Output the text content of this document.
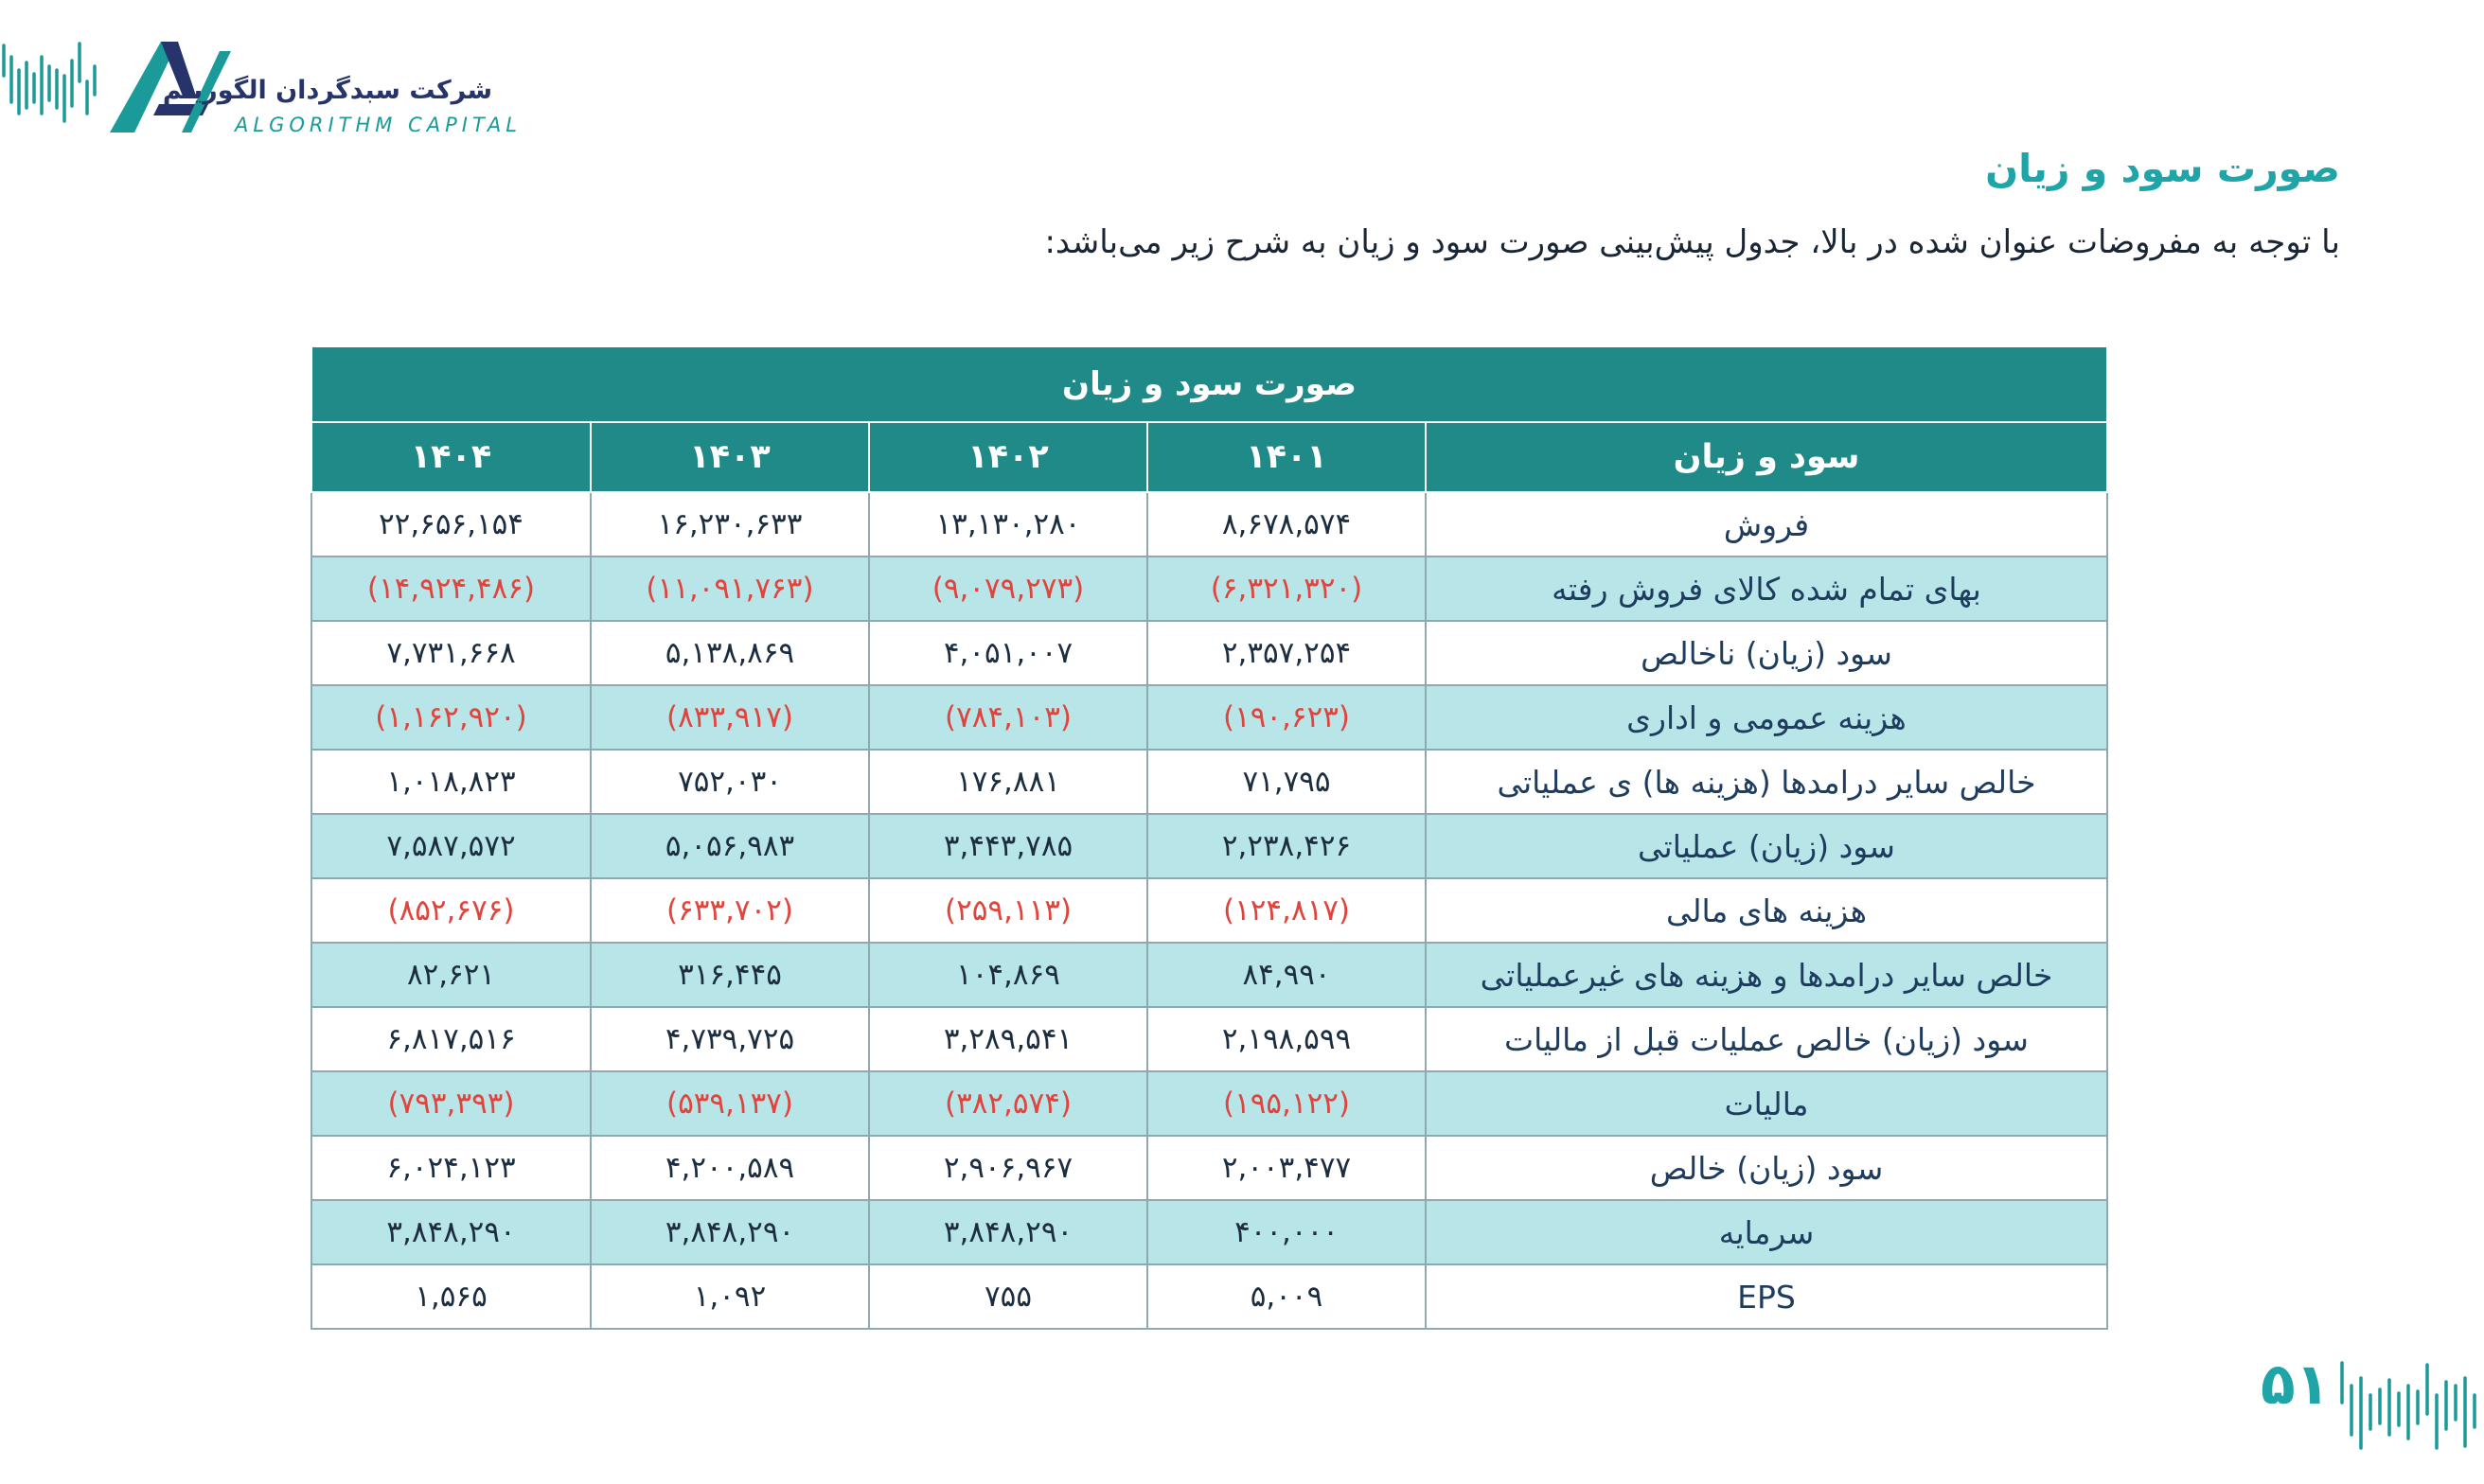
شرکت سبدگردان الگوریتم
ALGORITHM CAPITAL
صورت سود و زیان
با توجه به مفروضات عنوان شده در بالا، جدول پیش‌بینی صورت سود و زیان به شرح زیر می‌باشد:
صورت سود و زیان				
سود و زیان	۱۴۰۱	۱۴۰۲	۱۴۰۳	۱۴۰۴
فروش	۸,۶۷۸,۵۷۴	۱۳,۱۳۰,۲۸۰	۱۶,۲۳۰,۶۳۳	۲۲,۶۵۶,۱۵۴
بهای تمام شده کالای فروش رفته	(۶,۳۲۱,۳۲۰)	(۹,۰۷۹,۲۷۳)	(۱۱,۰۹۱,۷۶۳)	(۱۴,۹۲۴,۴۸۶)
سود (زیان) ناخالص	۲,۳۵۷,۲۵۴	۴,۰۵۱,۰۰۷	۵,۱۳۸,۸۶۹	۷,۷۳۱,۶۶۸
هزینه عمومی و اداری	(۱۹۰,۶۲۳)	(۷۸۴,۱۰۳)	(۸۳۳,۹۱۷)	(۱,۱۶۲,۹۲۰)
خالص سایر درامدها (هزینه ها) ی عملیاتی	۷۱,۷۹۵	۱۷۶,۸۸۱	۷۵۲,۰۳۰	۱,۰۱۸,۸۲۳
سود (زیان) عملیاتی	۲,۲۳۸,۴۲۶	۳,۴۴۳,۷۸۵	۵,۰۵۶,۹۸۳	۷,۵۸۷,۵۷۲
هزینه های مالی	(۱۲۴,۸۱۷)	(۲۵۹,۱۱۳)	(۶۳۳,۷۰۲)	(۸۵۲,۶۷۶)
خالص سایر درامدها و هزینه های غیرعملیاتی	۸۴,۹۹۰	۱۰۴,۸۶۹	۳۱۶,۴۴۵	۸۲,۶۲۱
سود (زیان) خالص عملیات قبل از مالیات	۲,۱۹۸,۵۹۹	۳,۲۸۹,۵۴۱	۴,۷۳۹,۷۲۵	۶,۸۱۷,۵۱۶
مالیات	(۱۹۵,۱۲۲)	(۳۸۲,۵۷۴)	(۵۳۹,۱۳۷)	(۷۹۳,۳۹۳)
سود (زیان) خالص	۲,۰۰۳,۴۷۷	۲,۹۰۶,۹۶۷	۴,۲۰۰,۵۸۹	۶,۰۲۴,۱۲۳
سرمایه	۴۰۰,۰۰۰	۳,۸۴۸,۲۹۰	۳,۸۴۸,۲۹۰	۳,۸۴۸,۲۹۰
EPS	۵,۰۰۹	۷۵۵	۱,۰۹۲	۱,۵۶۵
۵۱
